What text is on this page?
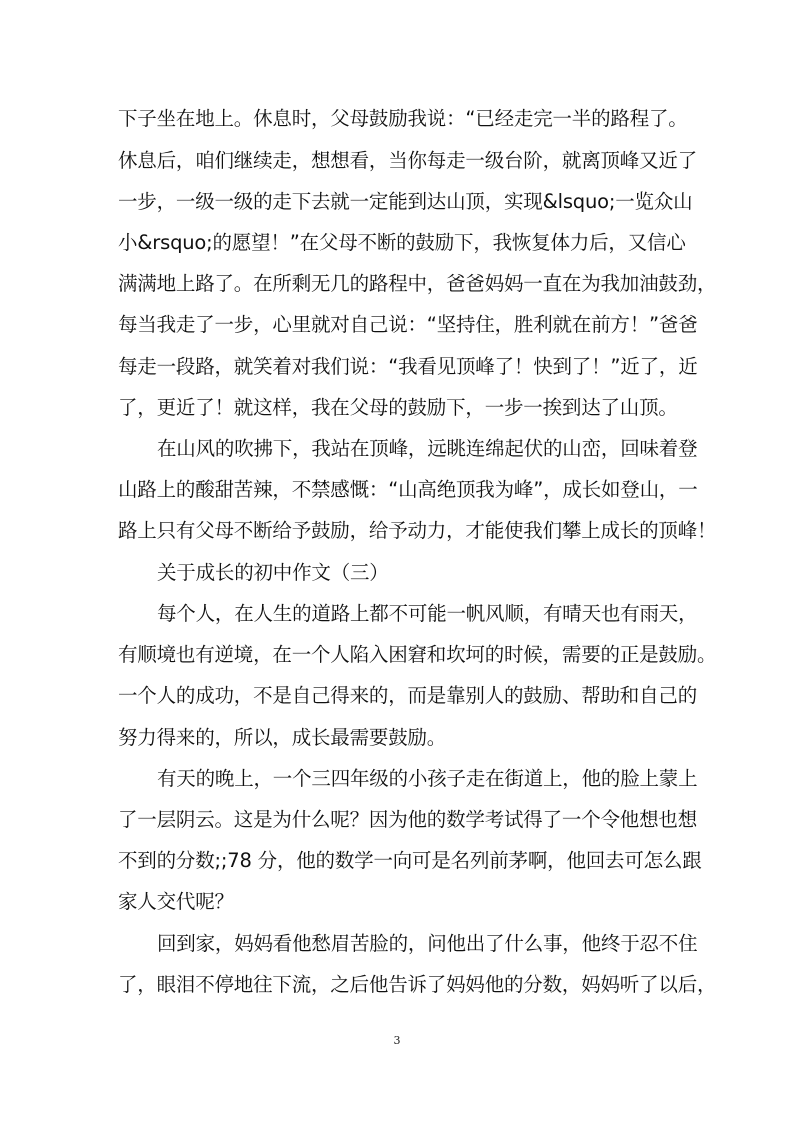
下子坐在地上。休息时，父母鼓励我说：“已经走完一半的路程了。
休息后，咱们继续走，想想看，当你每走一级台阶，就离顶峰又近了
一步，一级一级的走下去就一定能到达山顶，实现&lsquo;一览众山
小&rsquo;的愿望！”在父母不断的鼓励下，我恢复体力后，又信心
满满地上路了。在所剩无几的路程中，爸爸妈妈一直在为我加油鼓劲，
每当我走了一步，心里就对自己说：“坚持住，胜利就在前方！”爸爸
每走一段路，就笑着对我们说：“我看见顶峰了！快到了！”近了，近
了，更近了！就这样，我在父母的鼓励下，一步一挨到达了山顶。
在山风的吹拂下，我站在顶峰，远眺连绵起伏的山峦，回味着登
山路上的酸甜苦辣，不禁感慨：“山高绝顶我为峰”，成长如登山，一
路上只有父母不断给予鼓励，给予动力，才能使我们攀上成长的顶峰！
关于成长的初中作文（三）
每个人，在人生的道路上都不可能一帆风顺，有晴天也有雨天，
有顺境也有逆境，在一个人陷入困窘和坎坷的时候，需要的正是鼓励。
一个人的成功，不是自己得来的，而是靠别人的鼓励、帮助和自己的
努力得来的，所以，成长最需要鼓励。
有天的晚上，一个三四年级的小孩子走在街道上，他的脸上蒙上
了一层阴云。这是为什么呢？因为他的数学考试得了一个令他想也想
不到的分数;;78 分，他的数学一向可是名列前茅啊，他回去可怎么跟
家人交代呢？
回到家，妈妈看他愁眉苦脸的，问他出了什么事，他终于忍不住
了，眼泪不停地往下流，之后他告诉了妈妈他的分数，妈妈听了以后，
3
